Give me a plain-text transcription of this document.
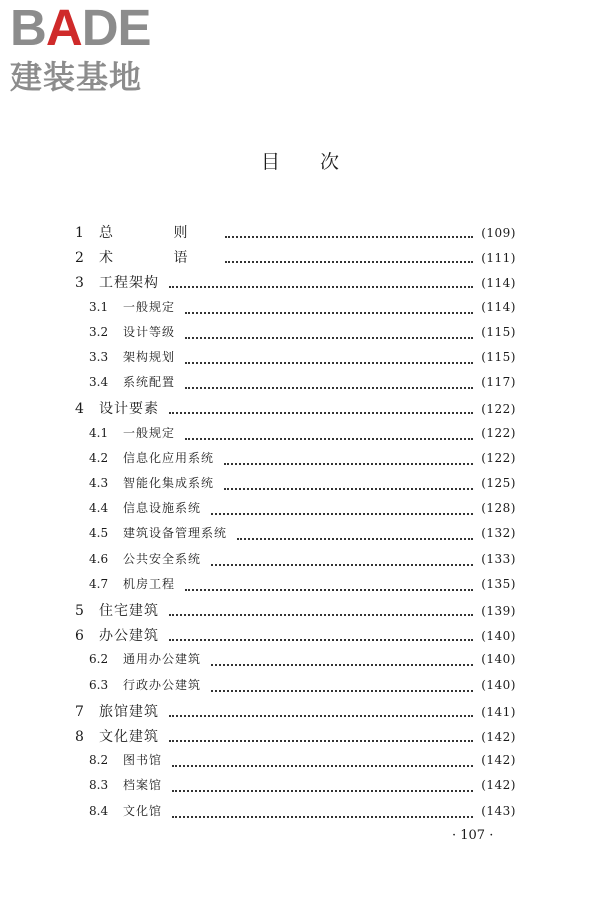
BADE
建装基地
目次
1	总 则	(109)
2	术 语	(111)
3	工程架构	(114)
3.1	一般规定	(114)
3.2	设计等级	(115)
3.3	架构规划	(115)
3.4	系统配置	(117)
4	设计要素	(122)
4.1	一般规定	(122)
4.2	信息化应用系统	(122)
4.3	智能化集成系统	(125)
4.4	信息设施系统	(128)
4.5	建筑设备管理系统	(132)
4.6	公共安全系统	(133)
4.7	机房工程	(135)
5	住宅建筑	(139)
6	办公建筑	(140)
6.2	通用办公建筑	(140)
6.3	行政办公建筑	(140)
7	旅馆建筑	(141)
8	文化建筑	(142)
8.2	图书馆	(142)
8.3	档案馆	(142)
8.4	文化馆	(143)
· 107 ·
